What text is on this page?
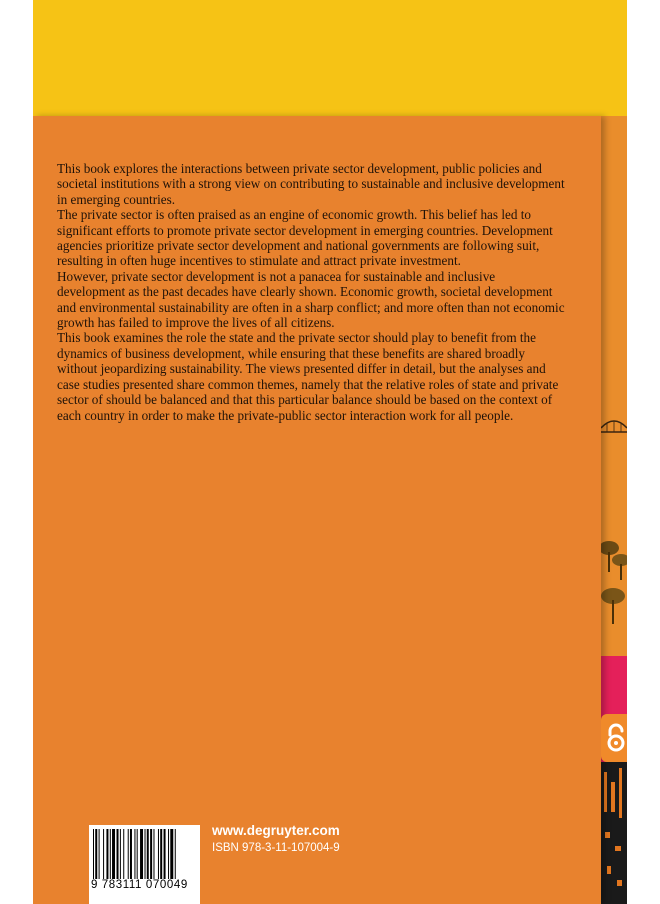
This book explores the interactions between private sector development, public policies and societal institutions with a strong view on contributing to sustainable and inclusive development in emerging countries.

The private sector is often praised as an engine of economic growth. This belief has led to significant efforts to promote private sector development in emerging countries. Development agencies prioritize private sector development and national governments are following suit, resulting in often huge incentives to stimulate and attract private investment.

However, private sector development is not a panacea for sustainable and inclusive development as the past decades have clearly shown. Economic growth, societal development and environmental sustainability are often in a sharp conflict; and more often than not economic growth has failed to improve the lives of all citizens.

This book examines the role the state and the private sector should play to benefit from the dynamics of business development, while ensuring that these benefits are shared broadly without jeopardizing sustainability. The views presented differ in detail, but the analyses and case studies presented share common themes, namely that the relative roles of state and private sector of should be balanced and that this particular balance should be based on the context of each country in order to make the private-public sector interaction work for all people.

9 783111 070049
www.degruyter.com
ISBN 978-3-11-107004-9
